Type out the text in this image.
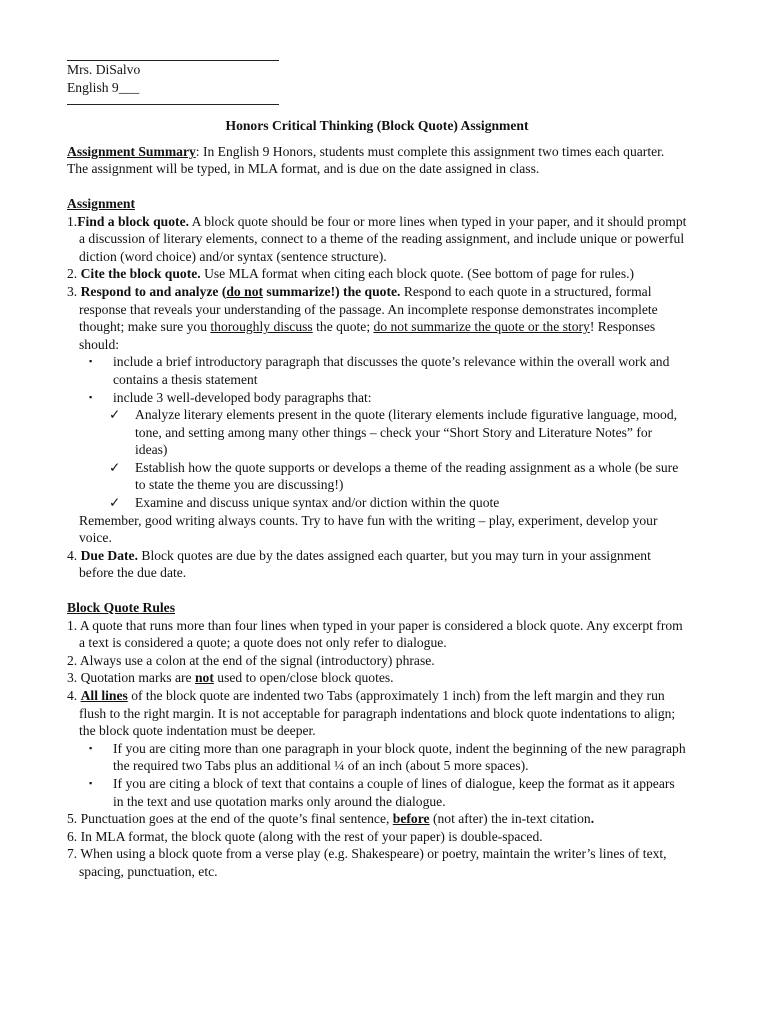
Mrs. DiSalvo

English 9___

Honors Critical Thinking (Block Quote) Assignment

Assignment Summary: In English 9 Honors, students must complete this assignment two times each quarter. The assignment will be typed, in MLA format, and is due on the date assigned in class.

Assignment

1.Find a block quote. A block quote should be four or more lines when typed in your paper, and it should prompt a discussion of literary elements, connect to a theme of the reading assignment, and include unique or powerful diction (word choice) and/or syntax (sentence structure).

2. Cite the block quote. Use MLA format when citing each block quote. (See bottom of page for rules.)

3. Respond to and analyze (do not summarize!) the quote. Respond to each quote in a structured, formal response that reveals your understanding of the passage. An incomplete response demonstrates incomplete thought; make sure you thoroughly discuss the quote; do not summarize the quote or the story! Responses should:

▪ include a brief introductory paragraph that discusses the quote’s relevance within the overall work and contains a thesis statement

▪ include 3 well-developed body paragraphs that:

✓ Analyze literary elements present in the quote (literary elements include figurative language, mood, tone, and setting among many other things – check your “Short Story and Literature Notes” for ideas)

✓ Establish how the quote supports or develops a theme of the reading assignment as a whole (be sure to state the theme you are discussing!)

✓ Examine and discuss unique syntax and/or diction within the quote

Remember, good writing always counts. Try to have fun with the writing – play, experiment, develop your voice.

4. Due Date. Block quotes are due by the dates assigned each quarter, but you may turn in your assignment before the due date.

Block Quote Rules

1. A quote that runs more than four lines when typed in your paper is considered a block quote. Any excerpt from a text is considered a quote; a quote does not only refer to dialogue.

2. Always use a colon at the end of the signal (introductory) phrase.

3. Quotation marks are not used to open/close block quotes.

4. All lines of the block quote are indented two Tabs (approximately 1 inch) from the left margin and they run flush to the right margin. It is not acceptable for paragraph indentations and block quote indentations to align; the block quote indentation must be deeper.

▪ If you are citing more than one paragraph in your block quote, indent the beginning of the new paragraph the required two Tabs plus an additional ¼ of an inch (about 5 more spaces).

▪ If you are citing a block of text that contains a couple of lines of dialogue, keep the format as it appears in the text and use quotation marks only around the dialogue.

5. Punctuation goes at the end of the quote’s final sentence, before (not after) the in-text citation.

6. In MLA format, the block quote (along with the rest of your paper) is double-spaced.

7. When using a block quote from a verse play (e.g. Shakespeare) or poetry, maintain the writer’s lines of text, spacing, punctuation, etc.
